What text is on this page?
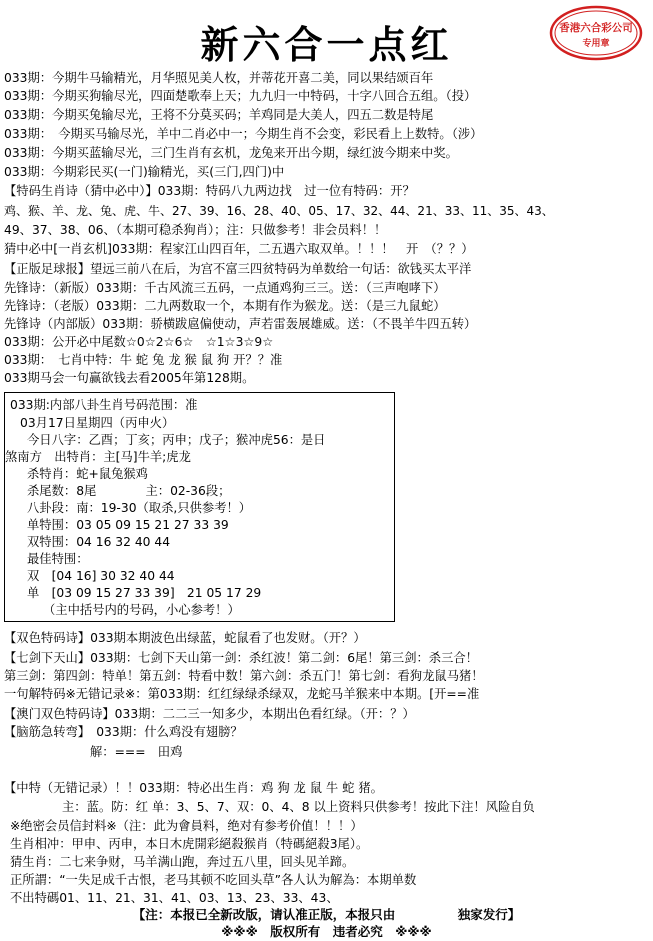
新六合一点红	香港六合彩公司
专用章
033期：今期牛马输精光，月华照见美人枚，并蒂花开喜二美，同以果结颂百年
033期：今期买狗输尽光，四面楚歌奉上天；九九归一中特码，十字八回合五组。（投）
033期：今期买兔输尽光，王将不分莫买码；羊鸡同是大美人，四五二数是特尾
033期：　今期买马输尽光，羊中二肖必中一；今期生肖不会变，彩民看上上数特。（涉）
033期：今期买蓝输尽光，三门生肖有玄机，龙兔来开出今期，绿红波今期来中奖。
033期：今期彩民买(一门)输精光，买(三门,四门)中
【特码生肖诗（猜中必中）】033期：特码八九两边找　过一位有特码：开？
鸡、猴、羊、龙、兔、虎、牛、27、39、16、28、40、05、17、32、44、21、33、11、35、43、
49、37、38、06、（本期可稳杀狗肖）；注：只做参考！非会员料！！
猜中必中[一肖玄机]033期：程家江山四百年，二五遇六取双单。！！！　开　（？？）
【正版足球报】望远三前八在后，为宫不富三四贫特码为单数给一句话：欲钱买太平洋
先锋诗：（新版）033期：千古风流三五码，一点通鸡狗三三。送：（三声咆哮下）
先锋诗：（老版）033期：二九两数取一个，本期有作为猴龙。送：（是三九鼠蛇）
先锋诗（内部版）033期：骄横跋扈偏使动，声若雷轰展雄威。送：（不畏羊牛四五转）
033期：公开必中尾数☆0☆2☆6☆　☆1☆3☆9☆
033期：　七肖中特：牛 蛇 兔 龙 猴 鼠 狗 开？？准
033期马会一句赢欲钱去看2005年第128期。
033期:内部八卦生肖号码范围：准
03月17日星期四（丙申火）
今日八字：乙酉；丁亥；丙申；戊子；猴冲虎56：是日
煞南方　出特肖：主[马]牛羊;虎龙
杀特肖：蛇+鼠兔猴鸡
杀尾数：8尾　　　　主：02-36段；
八卦段：南：19-30（取杀,只供参考！）
单特围：03 05 09 15 21 27 33 39
双特围：04 16 32 40 44
最佳特围：
双　[04 16] 30 32 40 44
单　[03 09 15 27 33 39]　21 05 17 29
（主中括号内的号码，小心参考！）
【双色特码诗】033期本期波色出绿蓝，蛇鼠看了也发财。（开？）
【七剑下天山】033期：七剑下天山第一剑：杀红波！第二剑：6尾！第三剑：杀三合！
第三剑：第四剑：特单！第五剑：特看中数！第六剑：杀五门！第七剑：看狗龙鼠马猪！
一句解特码※无错记录※：第033期：红红绿绿杀绿双，龙蛇马羊猴来中本期。[开==准
【澳门双色特码诗】033期：二二三一知多少，本期出色看红绿。（开：？）
【脑筋急转弯】　033期：什么鸡没有翅膀？
解：===　田鸡
【中特（无错记录）！！033期：特必出生肖：鸡 狗 龙 鼠 牛 蛇 猪。
主：蓝。防：红 单：3、5、7、双：0、4、8 以上资料只供参考！按此下注！风险自负
※绝密会员信封料※（注：此为會員料，绝对有参考价值！！！）
生肖相冲：甲申、丙申，本日木虎開彩絕殺猴肖（特碼絕殺3尾）。
猜生肖：二七来争财，马羊满山跑，奔过五八里，回头见羊蹄。
正所謂：“一失足成千古恨，老马其顿不吃回头草”各人认为解為：本期单数
不出特碼01、11、21、31、41、03、13、23、33、43、
【注：本报已全新改版，请认准正版，本报只由　　　　　独家发行】
※※※　版权所有　违者必究　※※※
